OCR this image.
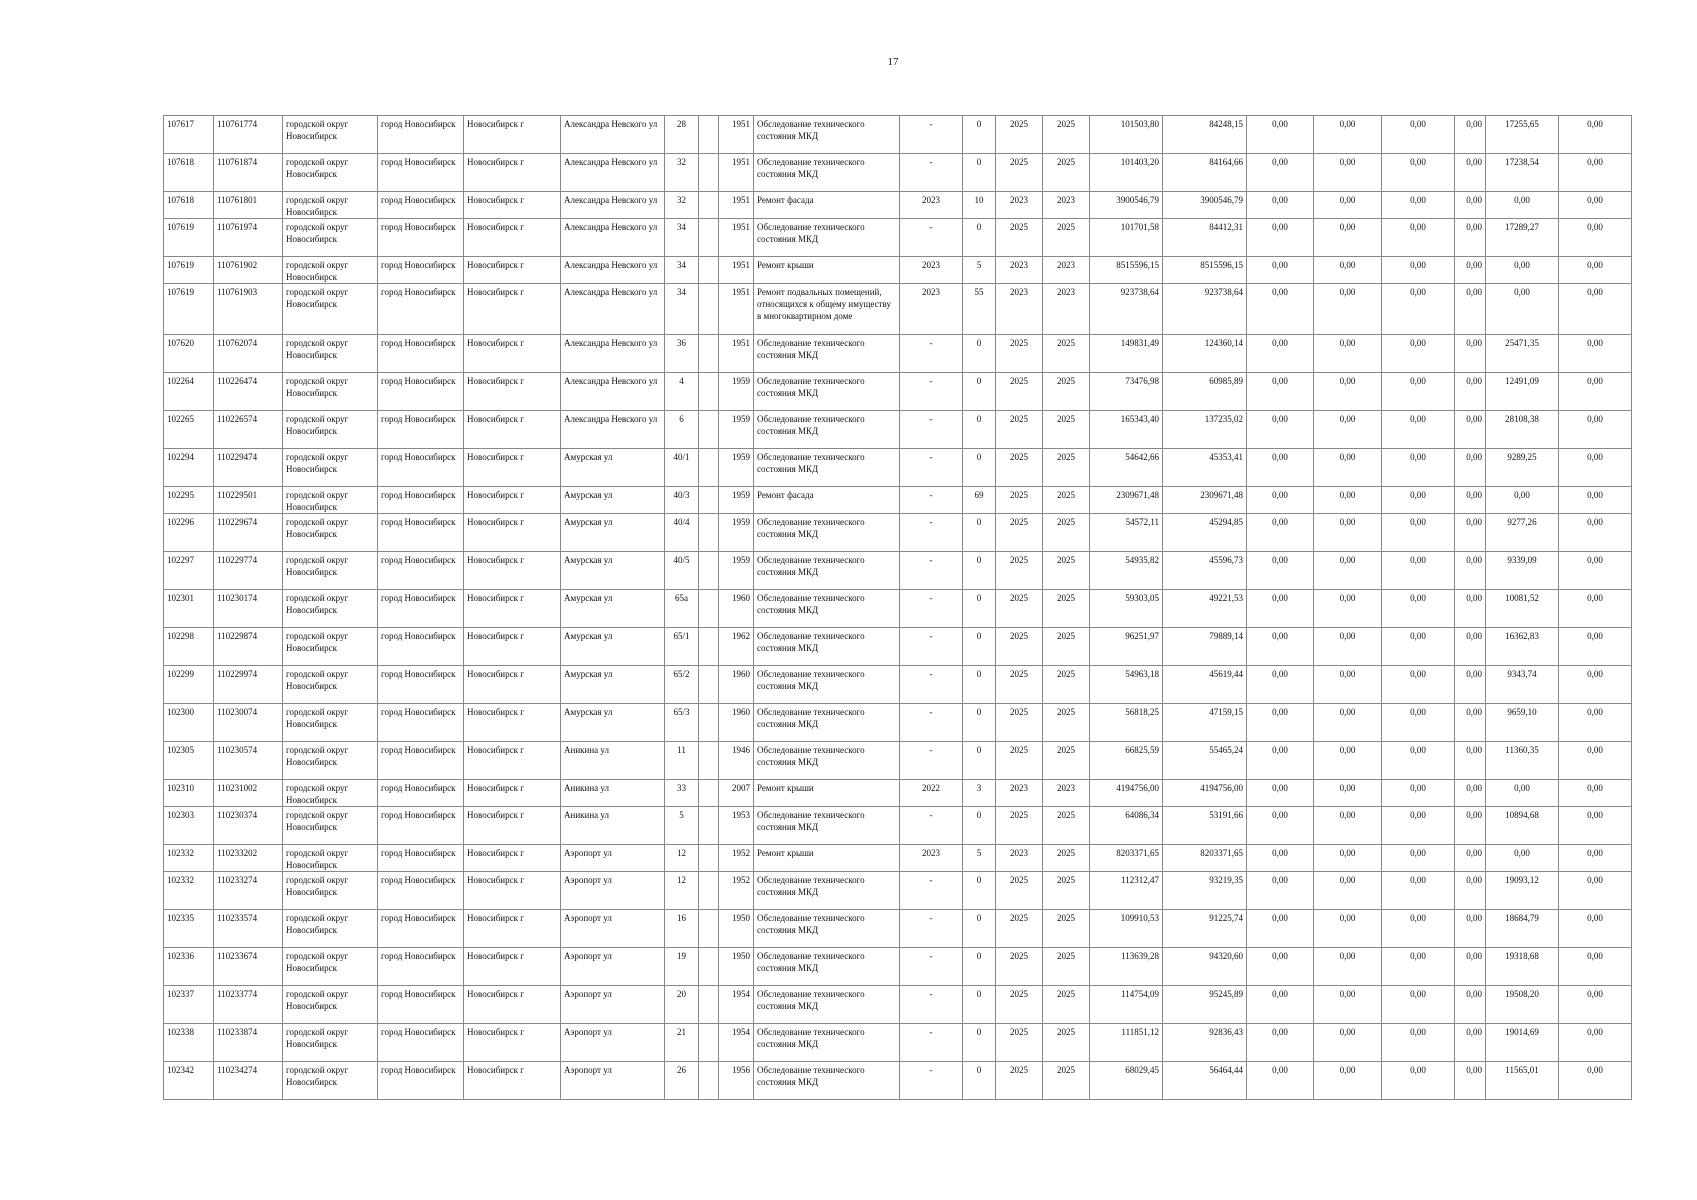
17
107617	110761774	городской округ Новосибирск	город Новосибирск	Новосибирск г	Александра Невского ул	28		1951	Обследование технического состояния МКД	-	0	2025	2025	101503,80	84248,15	0,00	0,00	0,00	0,00	17255,65	0,00
107618	110761874	городской округ Новосибирск	город Новосибирск	Новосибирск г	Александра Невского ул	32		1951	Обследование технического состояния МКД	-	0	2025	2025	101403,20	84164,66	0,00	0,00	0,00	0,00	17238,54	0,00
107618	110761801	городской округ Новосибирск	город Новосибирск	Новосибирск г	Александра Невского ул	32		1951	Ремонт фасада	2023	10	2023	2023	3900546,79	3900546,79	0,00	0,00	0,00	0,00	0,00	0,00
107619	110761974	городской округ Новосибирск	город Новосибирск	Новосибирск г	Александра Невского ул	34		1951	Обследование технического состояния МКД	-	0	2025	2025	101701,58	84412,31	0,00	0,00	0,00	0,00	17289,27	0,00
107619	110761902	городской округ Новосибирск	город Новосибирск	Новосибирск г	Александра Невского ул	34		1951	Ремонт крыши	2023	5	2023	2023	8515596,15	8515596,15	0,00	0,00	0,00	0,00	0,00	0,00
107619	110761903	городской округ Новосибирск	город Новосибирск	Новосибирск г	Александра Невского ул	34		1951	Ремонт подвальных помещений, относящихся к общему имуществу в многоквартирном доме	2023	55	2023	2023	923738,64	923738,64	0,00	0,00	0,00	0,00	0,00	0,00
107620	110762074	городской округ Новосибирск	город Новосибирск	Новосибирск г	Александра Невского ул	36		1951	Обследование технического состояния МКД	-	0	2025	2025	149831,49	124360,14	0,00	0,00	0,00	0,00	25471,35	0,00
102264	110226474	городской округ Новосибирск	город Новосибирск	Новосибирск г	Александра Невского ул	4		1959	Обследование технического состояния МКД	-	0	2025	2025	73476,98	60985,89	0,00	0,00	0,00	0,00	12491,09	0,00
102265	110226574	городской округ Новосибирск	город Новосибирск	Новосибирск г	Александра Невского ул	6		1959	Обследование технического состояния МКД	-	0	2025	2025	165343,40	137235,02	0,00	0,00	0,00	0,00	28108,38	0,00
102294	110229474	городской округ Новосибирск	город Новосибирск	Новосибирск г	Амурская ул	40/1		1959	Обследование технического состояния МКД	-	0	2025	2025	54642,66	45353,41	0,00	0,00	0,00	0,00	9289,25	0,00
102295	110229501	городской округ Новосибирск	город Новосибирск	Новосибирск г	Амурская ул	40/3		1959	Ремонт фасада	-	69	2025	2025	2309671,48	2309671,48	0,00	0,00	0,00	0,00	0,00	0,00
102296	110229674	городской округ Новосибирск	город Новосибирск	Новосибирск г	Амурская ул	40/4		1959	Обследование технического состояния МКД	-	0	2025	2025	54572,11	45294,85	0,00	0,00	0,00	0,00	9277,26	0,00
102297	110229774	городской округ Новосибирск	город Новосибирск	Новосибирск г	Амурская ул	40/5		1959	Обследование технического состояния МКД	-	0	2025	2025	54935,82	45596,73	0,00	0,00	0,00	0,00	9339,09	0,00
102301	110230174	городской округ Новосибирск	город Новосибирск	Новосибирск г	Амурская ул	65а		1960	Обследование технического состояния МКД	-	0	2025	2025	59303,05	49221,53	0,00	0,00	0,00	0,00	10081,52	0,00
102298	110229874	городской округ Новосибирск	город Новосибирск	Новосибирск г	Амурская ул	65/1		1962	Обследование технического состояния МКД	-	0	2025	2025	96251,97	79889,14	0,00	0,00	0,00	0,00	16362,83	0,00
102299	110229974	городской округ Новосибирск	город Новосибирск	Новосибирск г	Амурская ул	65/2		1960	Обследование технического состояния МКД	-	0	2025	2025	54963,18	45619,44	0,00	0,00	0,00	0,00	9343,74	0,00
102300	110230074	городской округ Новосибирск	город Новосибирск	Новосибирск г	Амурская ул	65/3		1960	Обследование технического состояния МКД	-	0	2025	2025	56818,25	47159,15	0,00	0,00	0,00	0,00	9659,10	0,00
102305	110230574	городской округ Новосибирск	город Новосибирск	Новосибирск г	Аникина ул	11		1946	Обследование технического состояния МКД	-	0	2025	2025	66825,59	55465,24	0,00	0,00	0,00	0,00	11360,35	0,00
102310	110231002	городской округ Новосибирск	город Новосибирск	Новосибирск г	Аникина ул	33		2007	Ремонт крыши	2022	3	2023	2023	4194756,00	4194756,00	0,00	0,00	0,00	0,00	0,00	0,00
102303	110230374	городской округ Новосибирск	город Новосибирск	Новосибирск г	Аникина ул	5		1953	Обследование технического состояния МКД	-	0	2025	2025	64086,34	53191,66	0,00	0,00	0,00	0,00	10894,68	0,00
102332	110233202	городской округ Новосибирск	город Новосибирск	Новосибирск г	Аэропорт ул	12		1952	Ремонт крыши	2023	5	2023	2025	8203371,65	8203371,65	0,00	0,00	0,00	0,00	0,00	0,00
102332	110233274	городской округ Новосибирск	город Новосибирск	Новосибирск г	Аэропорт ул	12		1952	Обследование технического состояния МКД	-	0	2025	2025	112312,47	93219,35	0,00	0,00	0,00	0,00	19093,12	0,00
102335	110233574	городской округ Новосибирск	город Новосибирск	Новосибирск г	Аэропорт ул	16		1950	Обследование технического состояния МКД	-	0	2025	2025	109910,53	91225,74	0,00	0,00	0,00	0,00	18684,79	0,00
102336	110233674	городской округ Новосибирск	город Новосибирск	Новосибирск г	Аэропорт ул	19		1950	Обследование технического состояния МКД	-	0	2025	2025	113639,28	94320,60	0,00	0,00	0,00	0,00	19318,68	0,00
102337	110233774	городской округ Новосибирск	город Новосибирск	Новосибирск г	Аэропорт ул	20		1954	Обследование технического состояния МКД	-	0	2025	2025	114754,09	95245,89	0,00	0,00	0,00	0,00	19508,20	0,00
102338	110233874	городской округ Новосибирск	город Новосибирск	Новосибирск г	Аэропорт ул	21		1954	Обследование технического состояния МКД	-	0	2025	2025	111851,12	92836,43	0,00	0,00	0,00	0,00	19014,69	0,00
102342	110234274	городской округ Новосибирск	город Новосибирск	Новосибирск г	Аэропорт ул	26		1956	Обследование технического состояния МКД	-	0	2025	2025	68029,45	56464,44	0,00	0,00	0,00	0,00	11565,01	0,00
